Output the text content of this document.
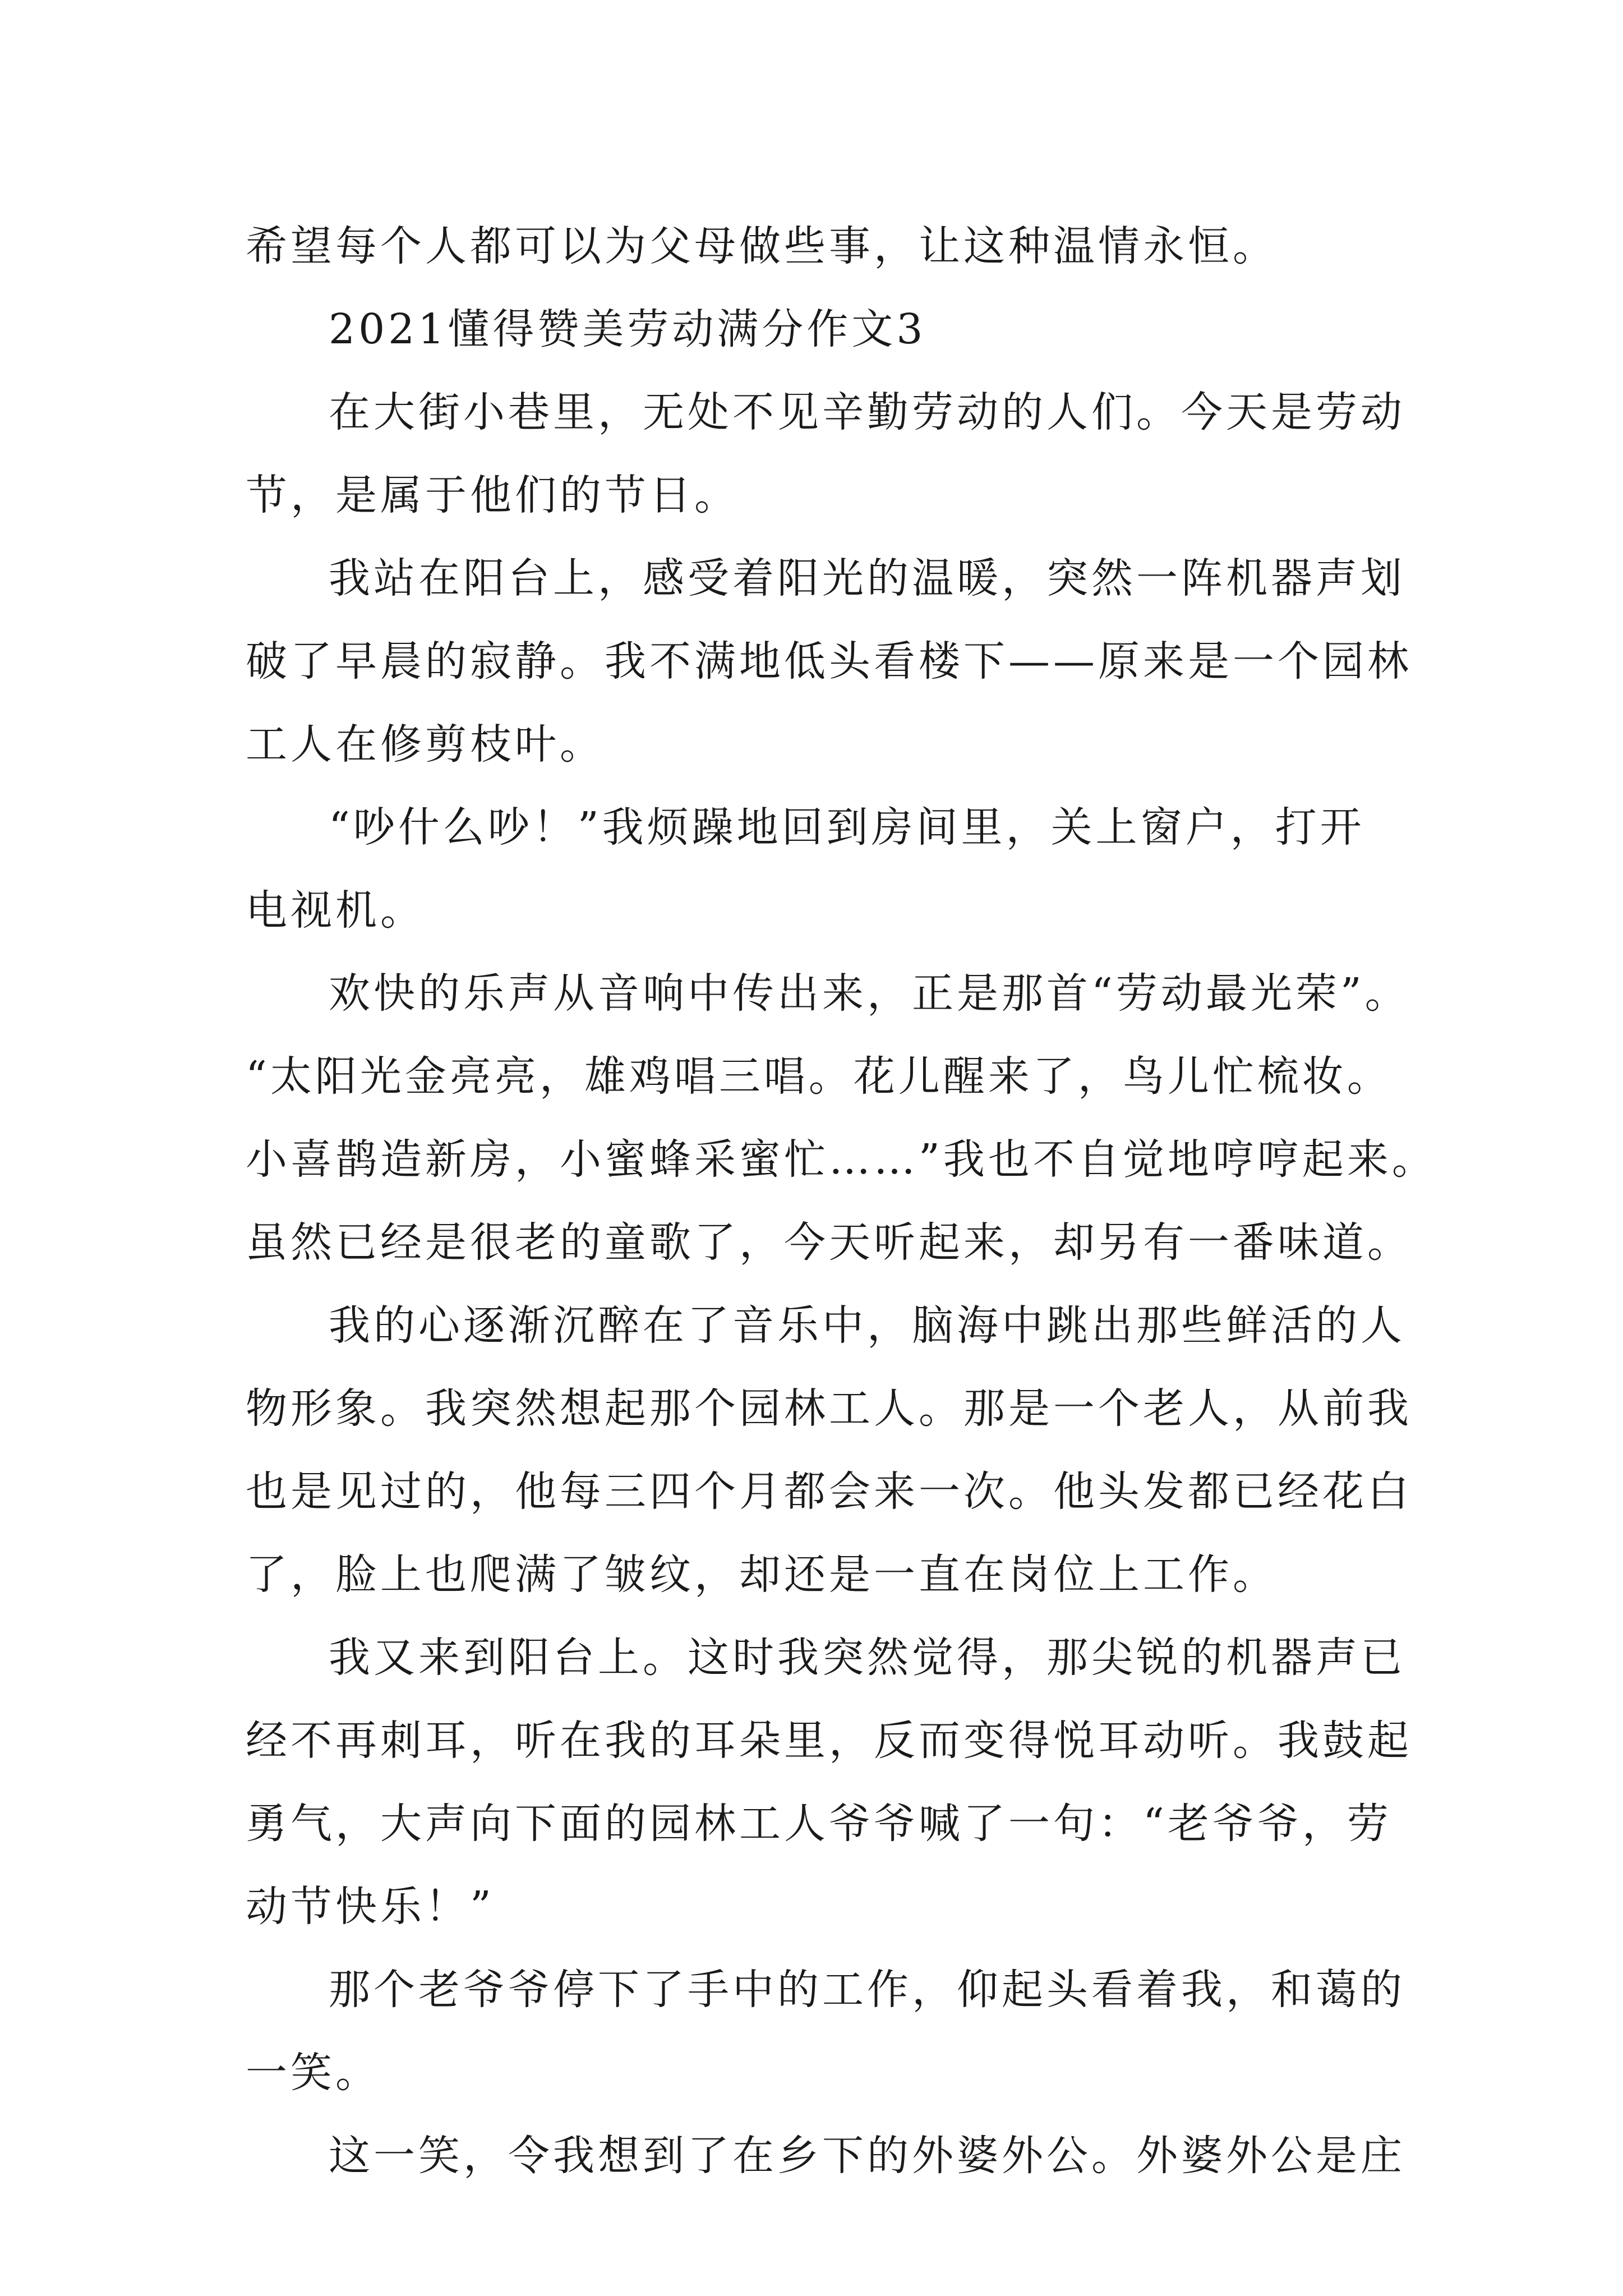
希望每个人都可以为父母做些事，让这种温情永恒。
2021懂得赞美劳动满分作文3
在大街小巷里，无处不见辛勤劳动的人们。今天是劳动
节，是属于他们的节日。
我站在阳台上，感受着阳光的温暖，突然一阵机器声划
破了早晨的寂静。我不满地低头看楼下——原来是一个园林
工人在修剪枝叶。
“吵什么吵！”我烦躁地回到房间里，关上窗户，打开
电视机。
欢快的乐声从音响中传出来，正是那首“劳动最光荣”。
“太阳光金亮亮，雄鸡唱三唱。花儿醒来了，鸟儿忙梳妆。
小喜鹊造新房，小蜜蜂采蜜忙……”我也不自觉地哼哼起来。
虽然已经是很老的童歌了，今天听起来，却另有一番味道。
我的心逐渐沉醉在了音乐中，脑海中跳出那些鲜活的人
物形象。我突然想起那个园林工人。那是一个老人，从前我
也是见过的，他每三四个月都会来一次。他头发都已经花白
了，脸上也爬满了皱纹，却还是一直在岗位上工作。
我又来到阳台上。这时我突然觉得，那尖锐的机器声已
经不再刺耳，听在我的耳朵里，反而变得悦耳动听。我鼓起
勇气，大声向下面的园林工人爷爷喊了一句：“老爷爷，劳
动节快乐！”
那个老爷爷停下了手中的工作，仰起头看着我，和蔼的
一笑。
这一笑，令我想到了在乡下的外婆外公。外婆外公是庄
